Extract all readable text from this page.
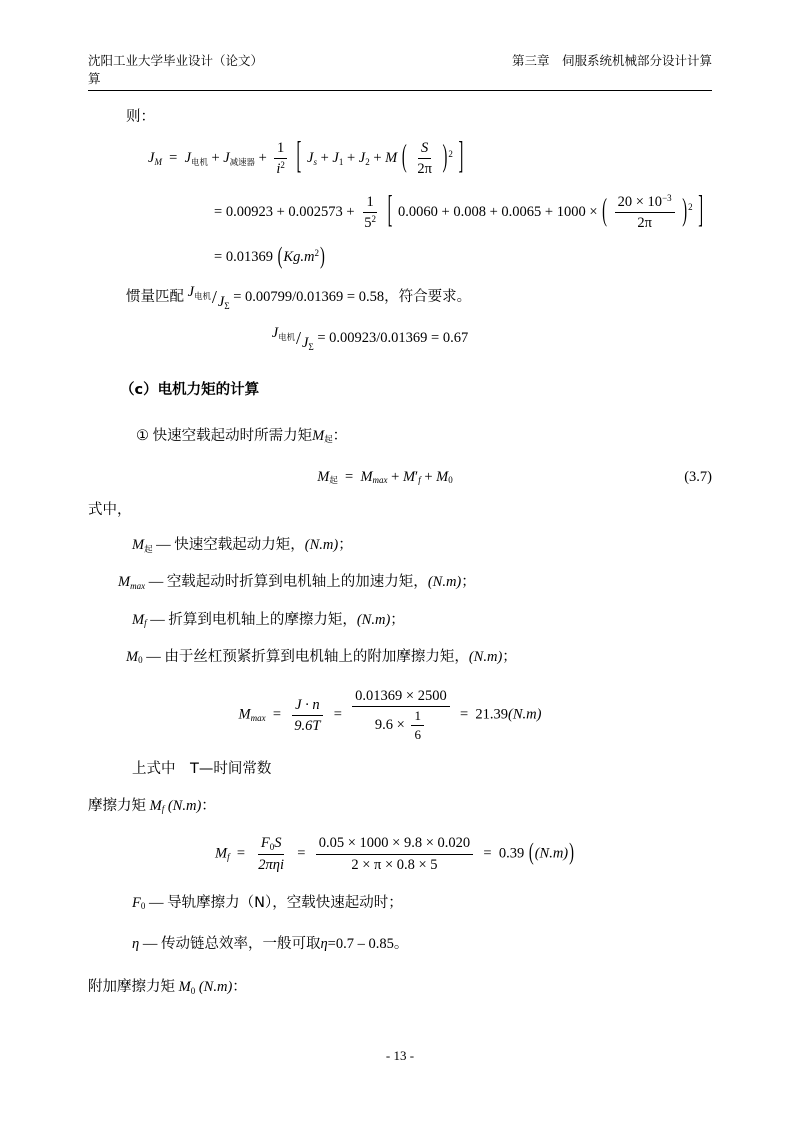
沈阳工业大学毕业设计（论文）	第三章　伺服系统机械部分设计计算
算
则：
JM  =  J电机 + J减速器 + $\frac{1}{i2}$ [ Js + J1 + J2 + M ( $\frac{S}{2\pi} )2$ ]
= $0.00923 + 0.002573 + \frac{1}{52}$ [ 0.0060 + 0.008 + 0.0065 + 1000 × ( $\frac{20 \times 10-3}{2\pi} )2$ ]
= 0.01369 (Kg.m2)
惯量匹配 J电机 / JΣ
= 0.00799/0.01369 = 0.58，符合要求。
J电机 / JΣ
= 0.00923/0.01369 = 0.67
（c）电机力矩的计算
① 快速空载起动时所需力矩M起：
(3.7)
M起 = Mmax + M′f + M0
式中，
M起 — 快速空载起动力矩，(N.m)；
Mmax — 空载起动时折算到电机轴上的加速力矩，(N.m)；
Mf — 折算到电机轴上的摩擦力矩，(N.m)；
M0 — 由于丝杠预紧折算到电机轴上的附加摩擦力矩，(N.m)；
$Mmax = \frac{J \cdot n}{9.6T} = \frac{0.01369 \times 2500}{9.6 \times \frac{1}{6}} = 21.39(N.m)$
上式中　T—时间常数
摩擦力矩 Mf (N.m)：
$Mf = \frac{F0S}{\text{2πηi}} = \frac{0.05 \times 1000 \times 9.8 \times 0.020}{2 \times \pi \times 0.8 \times 5} = 0.39$ ((N.m))
F0 — 导轨摩擦力（N），空载快速起动时；
η — 传动链总效率，一般可取η=0.7 – 0.85。
附加摩擦力矩 M0 (N.m)：
- 13 -
